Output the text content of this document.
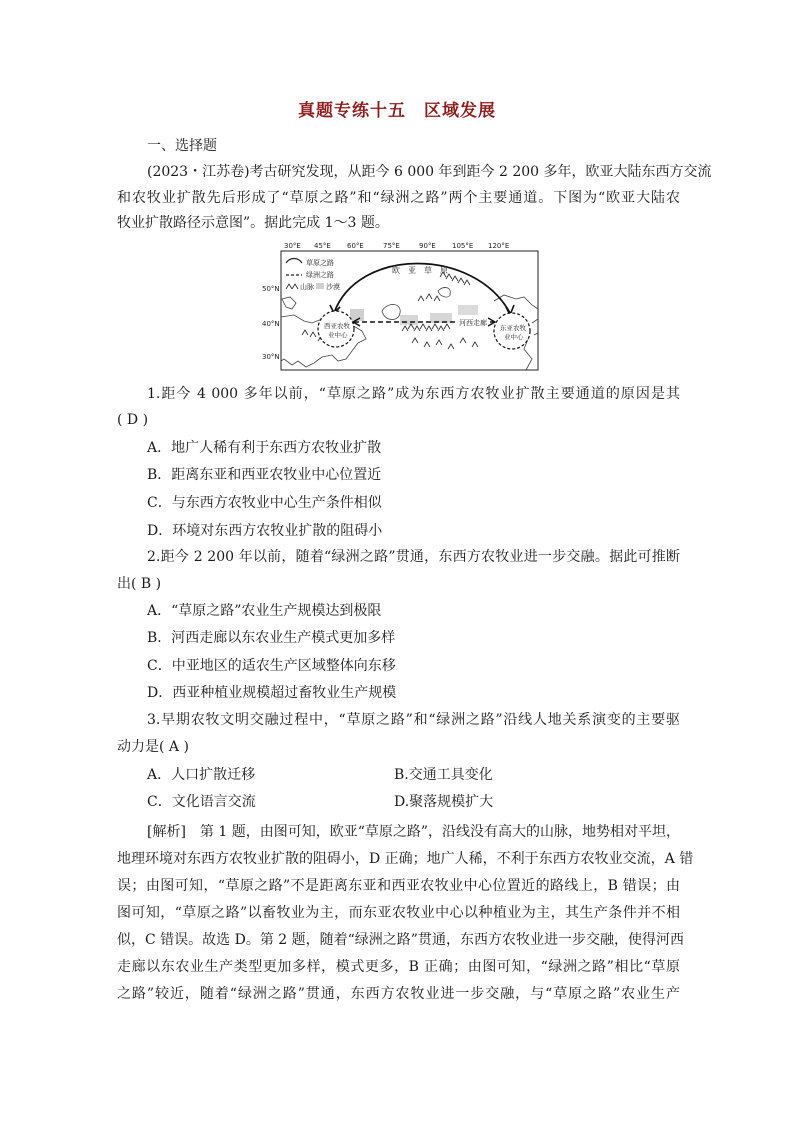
真题专练十五　区域发展
一、选择题
(2023・江苏卷)考古研究发现，从距今 6 000 年到距今 2 200 多年，欧亚大陆东西方交流
和农牧业扩散先后形成了“草原之路”和“绿洲之路”两个主要通道。下图为“欧亚大陆农
牧业扩散路径示意图”。据此完成 1～3 题。
30°E 45°E 60°E	75°E	90°E 105°E 120°E
50°N
40°N
30°N
草原之路
绿洲之路
山脉 沙漠
欧　亚　草　原
河西走廊
西亚农牧
业中心
东亚农牧
业中心
1.距今 4 000 多年以前，“草原之路”成为东西方农牧业扩散主要通道的原因是其
( D )
A．地广人稀有利于东西方农牧业扩散
B．距离东亚和西亚农牧业中心位置近
C．与东西方农牧业中心生产条件相似
D．环境对东西方农牧业扩散的阻碍小
2.距今 2 200 年以前，随着“绿洲之路”贯通，东西方农牧业进一步交融。据此可推断
出( B )
A．“草原之路”农业生产规模达到极限
B．河西走廊以东农业生产模式更加多样
C．中亚地区的适农生产区域整体向东移
D．西亚种植业规模超过畜牧业生产规模
3.早期农牧文明交融过程中，“草原之路”和“绿洲之路”沿线人地关系演变的主要驱
动力是( A )
A．人口扩散迁移	B.交通工具变化
C．文化语言交流	D.聚落规模扩大
[解析]　第 1 题，由图可知，欧亚“草原之路”，沿线没有高大的山脉，地势相对平坦，
地理环境对东西方农牧业扩散的阻碍小，D 正确；地广人稀，不利于东西方农牧业交流，A 错
误；由图可知，“草原之路”不是距离东亚和西亚农牧业中心位置近的路线上，B 错误；由
图可知，“草原之路”以畜牧业为主，而东亚农牧业中心以种植业为主，其生产条件并不相
似，C 错误。故选 D。第 2 题，随着“绿洲之路”贯通，东西方农牧业进一步交融，使得河西
走廊以东农业生产类型更加多样，模式更多，B 正确；由图可知，“绿洲之路”相比“草原
之路”较近，随着“绿洲之路”贯通，东西方农牧业进一步交融，与“草原之路”农业生产
